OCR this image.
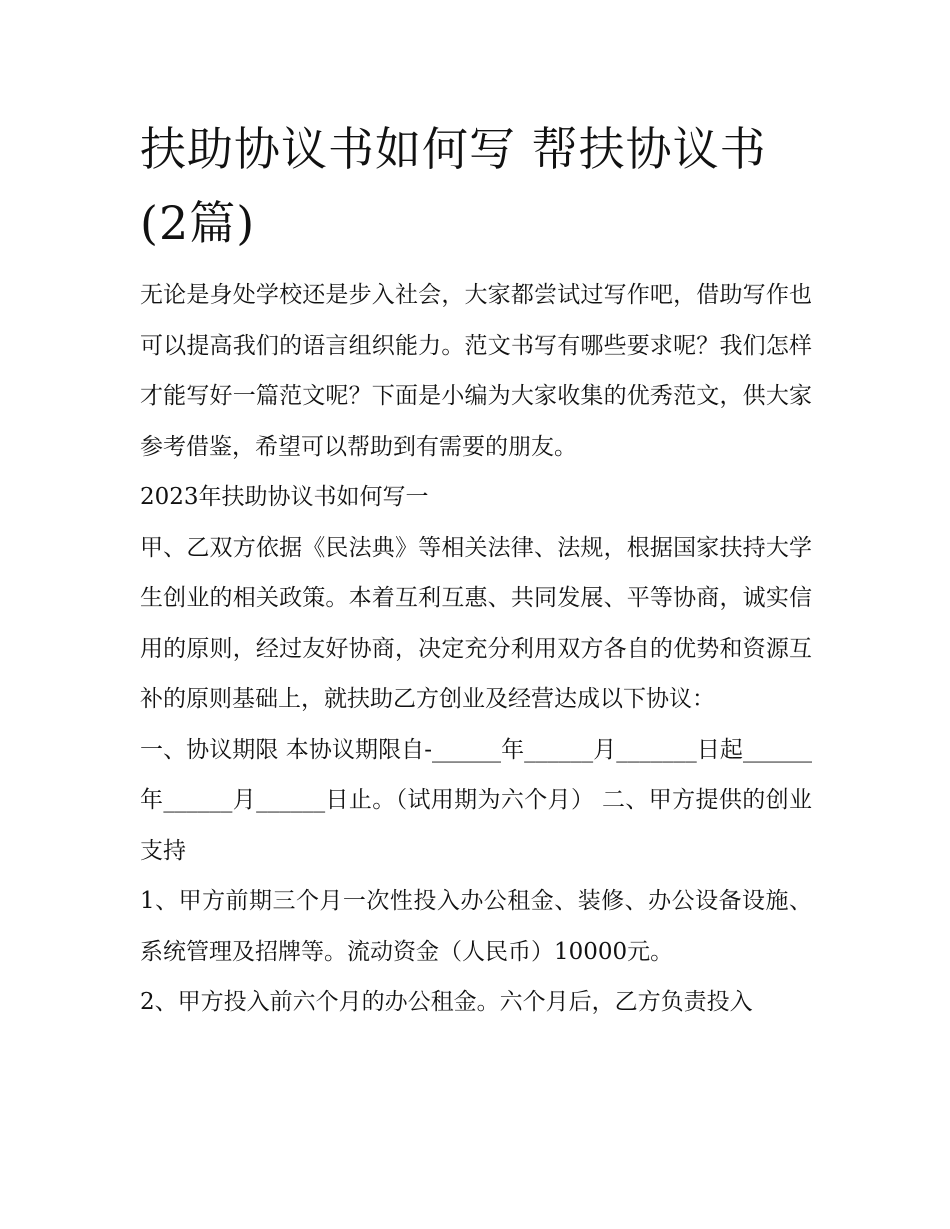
扶助协议书如何写 帮扶协议书(2篇)

无论是身处学校还是步入社会，大家都尝试过写作吧，借助写作也可以提高我们的语言组织能力。范文书写有哪些要求呢？我们怎样才能写好一篇范文呢？下面是小编为大家收集的优秀范文，供大家参考借鉴，希望可以帮助到有需要的朋友。

2023年扶助协议书如何写一

甲、乙双方依据《民法典》等相关法律、法规，根据国家扶持大学生创业的相关政策。本着互利互惠、共同发展、平等协商，诚实信用的原则，经过友好协商，决定充分利用双方各自的优势和资源互补的原则基础上，就扶助乙方创业及经营达成以下协议：

一、协议期限 本协议期限自-______年______月_______日起______年______月______日止。（试用期为六个月） 二、甲方提供的创业支持

1、甲方前期三个月一次性投入办公租金、装修、办公设备设施、系统管理及招牌等。流动资金（人民币）10000元。

2、甲方投入前六个月的办公租金。六个月后，乙方负责投入
